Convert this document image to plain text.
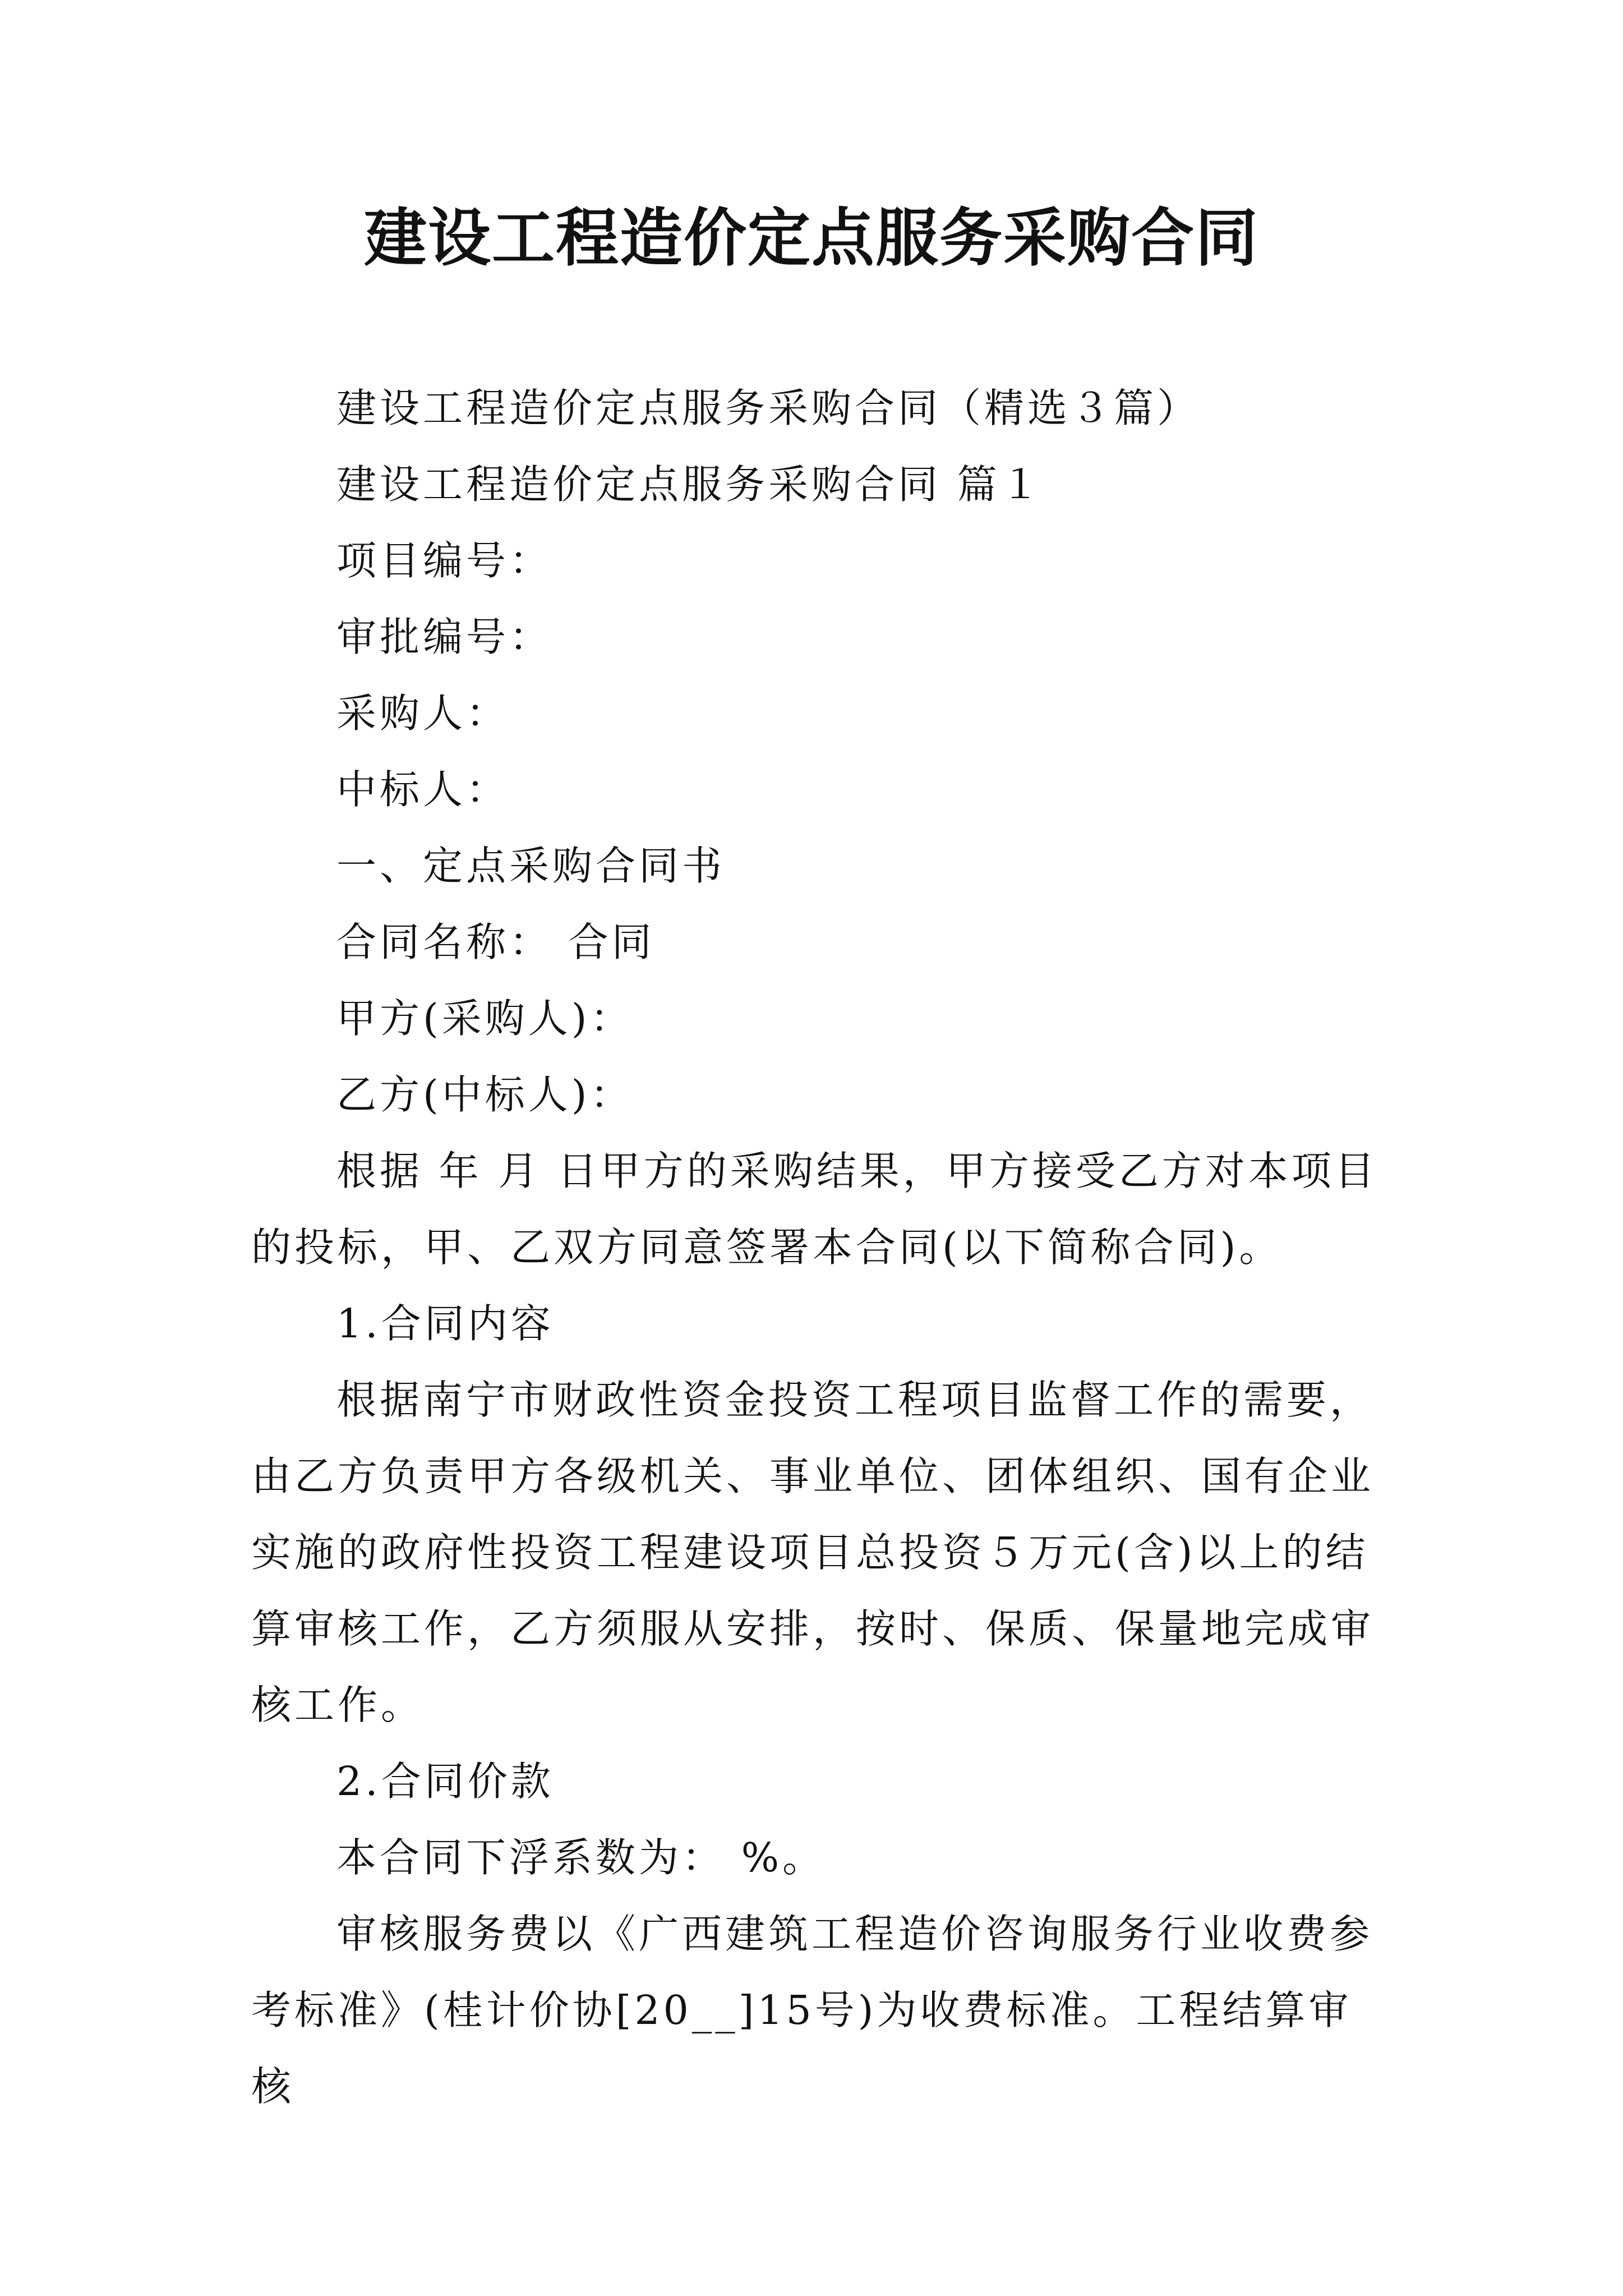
建设工程造价定点服务采购合同

建设工程造价定点服务采购合同（精选３篇）

建设工程造价定点服务采购合同 篇１

项目编号：

审批编号：

采购人：

中标人：

一、定点采购合同书

合同名称： 合同

甲方(采购人)：

乙方(中标人)：

根据 年 月 日甲方的采购结果，甲方接受乙方对本项目的投标，甲、乙双方同意签署本合同(以下简称合同)。

1.合同内容

根据南宁市财政性资金投资工程项目监督工作的需要，由乙方负责甲方各级机关、事业单位、团体组织、国有企业实施的政府性投资工程建设项目总投资５万元(含)以上的结算审核工作，乙方须服从安排，按时、保质、保量地完成审核工作。

2.合同价款

本合同下浮系数为： %。

审核服务费以《广西建筑工程造价咨询服务行业收费参考标准》(桂计价协[20__]15号)为收费标准。工程结算审核
